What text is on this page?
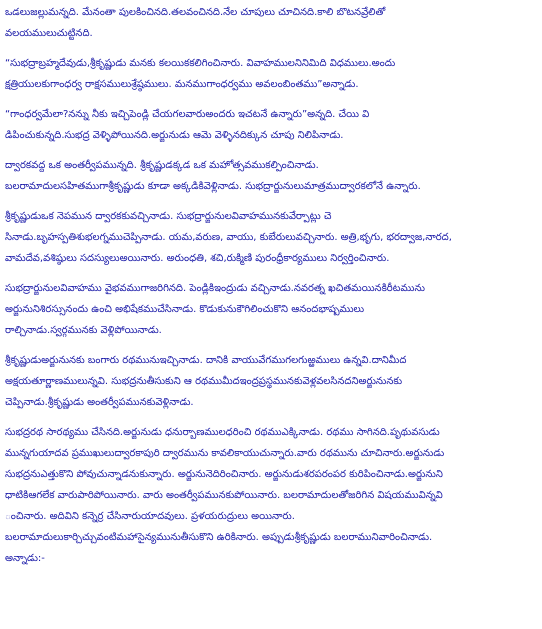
ఒడలుజల్లుమన్నది. మేనంతా పులకించినది.తలవంచినది.నేల చూపులు చూచినది.కాలి బొటనవ్రేలితో
వలయములుచుట్టినది.
“సుభద్రాబ్రహ్మదేవుడు,శ్రీకృష్ణుడు మనకు కలయికకలిగించినారు. వివాహములనినిమిది విధములు.అందు
క్షత్రియులకుగాంధర్వ రాక్షసములుశ్రేష్ఠములు. మనముగాంధర్వము అవలంబింతము”అన్నాడు.
“గాంధర్వమేలా?నన్ను నీకు ఇచ్చిపెండ్లి చేయగలవారుఅందరు ఇచటనే ఉన్నారు”అన్నది. చేయి వి
డిపించుకున్నది.సుభద్ర వెళ్ళిపోయినది.అర్జునుడు ఆమె వెళ్ళినదిక్కున చూపు నిలిపినాడు.
ద్వారకవద్ద ఒక అంతర్వీపమున్నది. శ్రీకృష్ణుడక్కడ ఒక మహోత్సవముకల్పించినాడు.
బలరామాదులసహితముగాశ్రీకృష్ణుడు కూడా అక్కడికివెళ్లినాడు. సుభద్రార్జునులుమాత్రముద్వారకలోనే ఉన్నారు.
శ్రీకృష్ణుడుఒక నెపమున ద్వారకకువచ్చినాడు. సుభద్రార్జునులవివాహమునకువేర్పాట్లు చె
సినాడు.బృహస్పతిశుభలగ్నముచెప్పినాడు. యమ,వరుణ, వాయు, కుబేరులువచ్చినారు. అత్రి,భృగు, భరద్వాజ,నారద,
వామదేవ,వశిష్ఠులు సదస్యులుఅయినారు. అరుంధతి, శచి,రుక్మిణి పురంధ్రీకార్యములు నిర్వర్తించినారు.
సుభద్రార్జునులవివాహము వైభవముగాజరిగినది. పెండ్లికిఇంద్రుడు వచ్చినాడు.నవరత్న ఖచితమయినకిరీటమును
అర్జునునిశిరస్సునందు ఉంచి అభిషేకముచేసినాడు. కొడుకునుకౌగిలించుకొని ఆనందభాష్పములు
రాల్చినాడు.స్వర్గమునకు వెళ్లిపోయినాడు.
శ్రీకృష్ణుడుఅర్జునునకు బంగారు రథమునుఇచ్చినాడు. దానికి వాయువేగముగలగుఱ్ఱములు ఉన్నవి.దానిమీద
అక్షయతూర్ణాణములున్నవి. సుభద్రనుతీసుకుని ఆ రథముమీదఇంద్రప్రస్థమునకువెళ్లవలసినదనిఅర్జునునకు
చెప్పినాడు.శ్రీకృష్ణుడు అంతర్వీపమునకువెళ్లినాడు.
సుభద్రరథ సారథ్యము చేసినది.అర్జునుడు ధనుర్బాణములధరించి రథముఎక్కినాడు. రథము సాగినది.పృథువసుడు
మున్నగుయాదవ ప్రముఖులుద్వారకాపురి ద్వారమును కావలికాయుచున్నారు.వారు రథమును చూచినారు.అర్జునుడు
సుభద్రనుఎత్తుకొని పోవుచున్నాడనుకున్నారు. అర్జునునెదిరించినారు. అర్జునుడుశరపరంపర కురిపించినాడు.అర్జునుని
ధాటికిఆగలేక వారుపారిపోయినారు. వారు అంతర్వీపమునకుపోయినారు. బలరామాదులతోజరిగిన విషయమువిన్నవి
ంచినారు. అదివిని కన్నెర్ర చేసినారుయాదవులు. ప్రళయరుద్రులు అయినారు.
బలరామాదులుకార్చిచ్చువంటిమహాసైన్యమునుతీసుకొని ఉరికినారు. అప్పుడుశ్రీకృష్ణుడు బలరామునివారించినాడు.
అన్నాడు:-
